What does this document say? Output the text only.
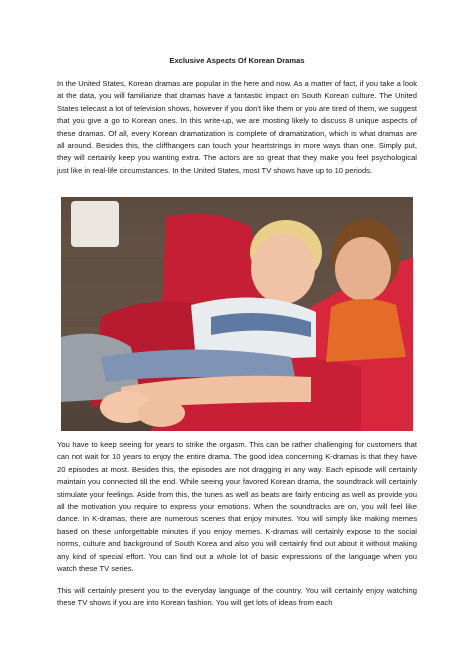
Exclusive Aspects Of Korean Dramas

In the United States, Korean dramas are popular in the here and now. As a matter of fact, if you take a look at the data, you will familiarize that dramas have a fantastic impact on South Korean culture. The United States telecast a lot of television shows, however if you don't like them or you are tired of them, we suggest that you give a go to Korean ones. In this write-up, we are mosting likely to discuss 8 unique aspects of these dramas. Of all, every Korean dramatization is complete of dramatization, which is what dramas are all around. Besides this, the cliffhangers can touch your heartstrings in more ways than one. Simply put, they will certainly keep you wanting extra. The actors are so great that they make you feel psychological just like in real-life circumstances. In the United States, most TV shows have up to 10 periods.

You have to keep seeing for years to strike the orgasm. This can be rather challenging for customers that can not wait for 10 years to enjoy the entire drama. The good idea concerning K-dramas is that they have 20 episodes at most. Besides this, the episodes are not dragging in any way. Each episode will certainly maintain you connected till the end. While seeing your favored Korean drama, the soundtrack will certainly stimulate your feelings. Aside from this, the tunes as well as beats are fairly enticing as well as provide you all the motivation you require to express your emotions. When the soundtracks are on, you will feel like dance. In K-dramas, there are numerous scenes that enjoy minutes. You will simply like making memes based on these unforgettable minutes if you enjoy memes. K-dramas will certainly expose to the social norms, culture and background of South Korea and also you will certainly find out about it without making any kind of special effort. You can find out a whole lot of basic expressions of the language when you watch these TV series.

This will certainly present you to the everyday language of the country. You will certainly enjoy watching these TV shows if you are into Korean fashion. You will get lots of ideas from each
